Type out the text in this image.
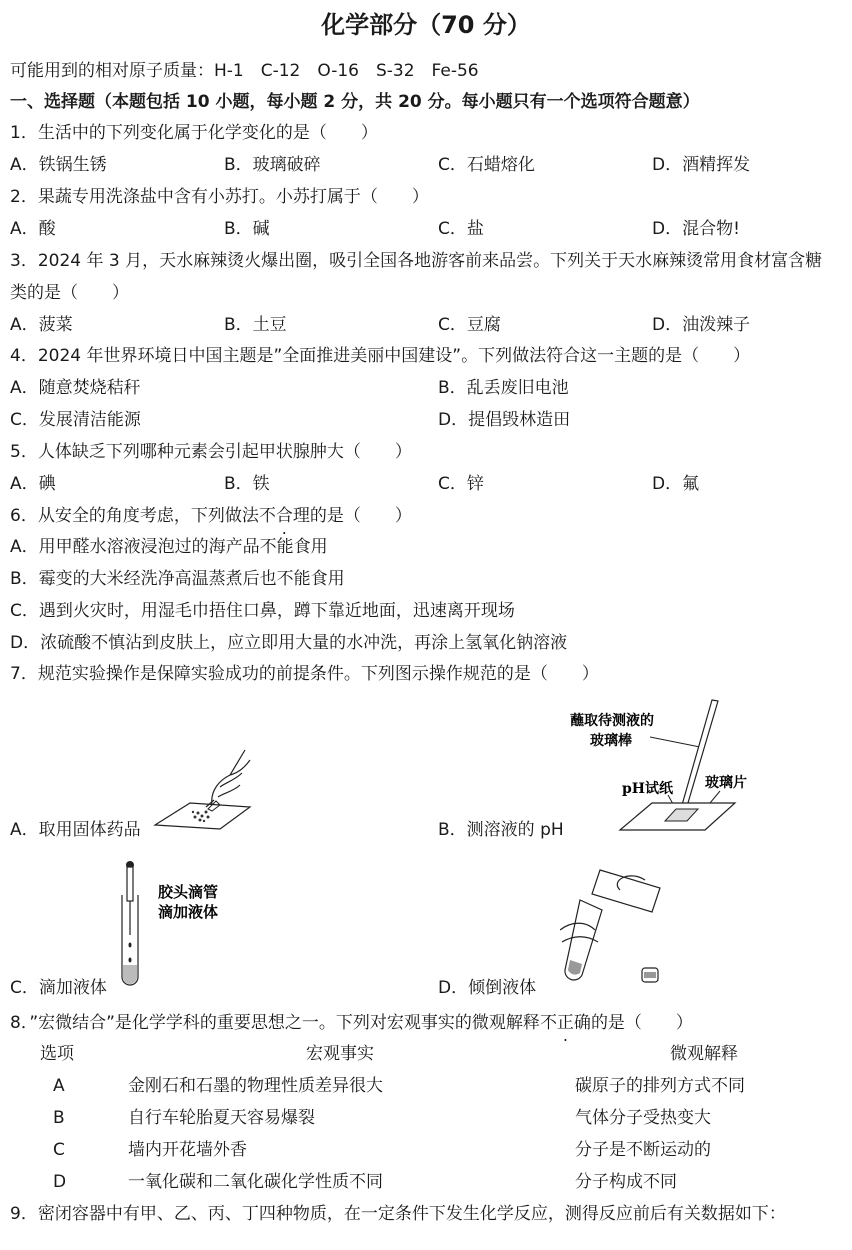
化学部分（70 分）
可能用到的相对原子质量：H-1　C-12　O-16　S-32　Fe-56
一、选择题（本题包括 10 小题，每小题 2 分，共 20 分。每小题只有一个选项符合题意）
1．生活中的下列变化属于化学变化的是（　　）
A．铁锅生锈	B．玻璃破碎	C．石蜡熔化	D．酒精挥发
2．果蔬专用洗涤盐中含有小苏打。小苏打属于（　　）
A．酸	B．碱	C．盐	D．混合物!
3．2024 年 3 月，天水麻辣烫火爆出圈，吸引全国各地游客前来品尝。下列关于天水麻辣烫常用食材富含糖
类的是（　　）
A．菠菜	B．土豆	C．豆腐	D．油泼辣子
4．2024 年世界环境日中国主题是”全面推进美丽中国建设”。下列做法符合这一主题的是（　　）
A．随意焚烧秸秆	B．乱丢废旧电池
C．发展清洁能源	D．提倡毁林造田
5．人体缺乏下列哪种元素会引起甲状腺肿大（　　）
A．碘	B．铁	C．锌	D．氟
6．从安全的角度考虑，下列做法不合理的是（　　）
A．用甲醛水溶液浸泡过的海产品不能食用
B．霉变的大米经洗净高温蒸煮后也不能食用
C．遇到火灾时，用湿毛巾捂住口鼻，蹲下靠近地面，迅速离开现场
D．浓硫酸不慎沾到皮肤上，应立即用大量的水冲洗，再涂上氢氧化钠溶液
7．规范实验操作是保障实验成功的前提条件。下列图示操作规范的是（　　）
A．取用固体药品
蘸取待测液的
玻璃棒
pH试纸 玻璃片
B．测溶液的 pH
胶头滴管
滴加液体
C．滴加液体	D．倾倒液体
8．”宏微结合”是化学学科的重要思想之一。下列对宏观事实的微观解释不正确的是（　　）
选项	宏观事实	微观解释
A	金刚石和石墨的物理性质差异很大	碳原子的排列方式不同
B	自行车轮胎夏天容易爆裂	气体分子受热变大
C	墙内开花墙外香	分子是不断运动的
D	一氧化碳和二氧化碳化学性质不同	分子构成不同
9．密闭容器中有甲、乙、丙、丁四种物质，在一定条件下发生化学反应，测得反应前后有关数据如下：
